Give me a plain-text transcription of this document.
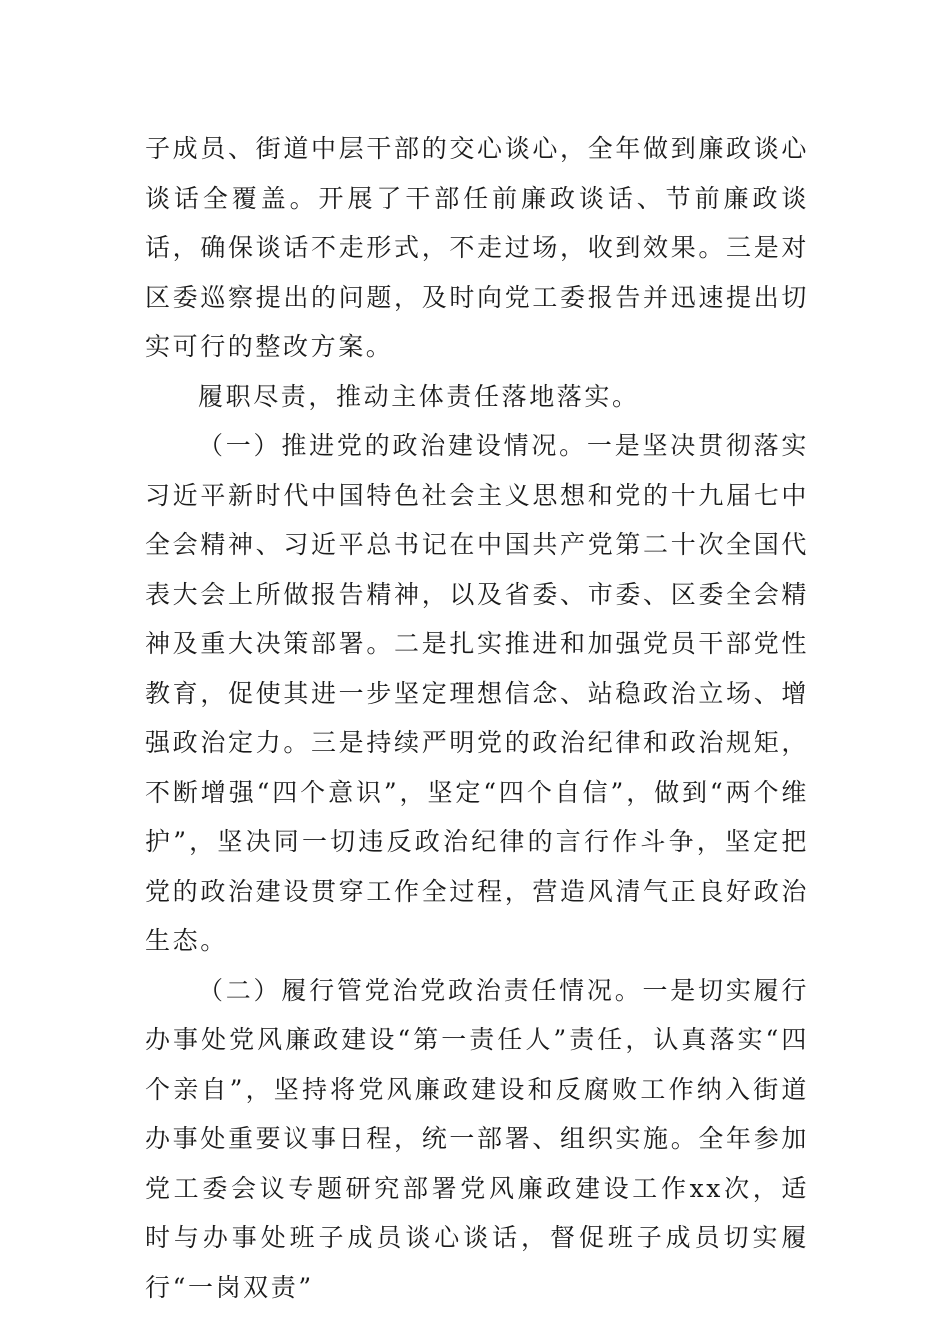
子成员、街道中层干部的交心谈心，全年做到廉政谈心谈话全覆盖。开展了干部任前廉政谈话、节前廉政谈话，确保谈话不走形式，不走过场，收到效果。三是对区委巡察提出的问题，及时向党工委报告并迅速提出切实可行的整改方案。

履职尽责，推动主体责任落地落实。

（一）推进党的政治建设情况。一是坚决贯彻落实习近平新时代中国特色社会主义思想和党的十九届七中全会精神、习近平总书记在中国共产党第二十次全国代表大会上所做报告精神，以及省委、市委、区委全会精神及重大决策部署。二是扎实推进和加强党员干部党性教育，促使其进一步坚定理想信念、站稳政治立场、增强政治定力。三是持续严明党的政治纪律和政治规矩，不断增强“四个意识”，坚定“四个自信”，做到“两个维护”，坚决同一切违反政治纪律的言行作斗争，坚定把党的政治建设贯穿工作全过程，营造风清气正良好政治生态。

（二）履行管党治党政治责任情况。一是切实履行办事处党风廉政建设“第一责任人”责任，认真落实“四个亲自”，坚持将党风廉政建设和反腐败工作纳入街道办事处重要议事日程，统一部署、组织实施。全年参加党工委会议专题研究部署党风廉政建设工作xx次，适时与办事处班子成员谈心谈话，督促班子成员切实履行“一岗双责”
